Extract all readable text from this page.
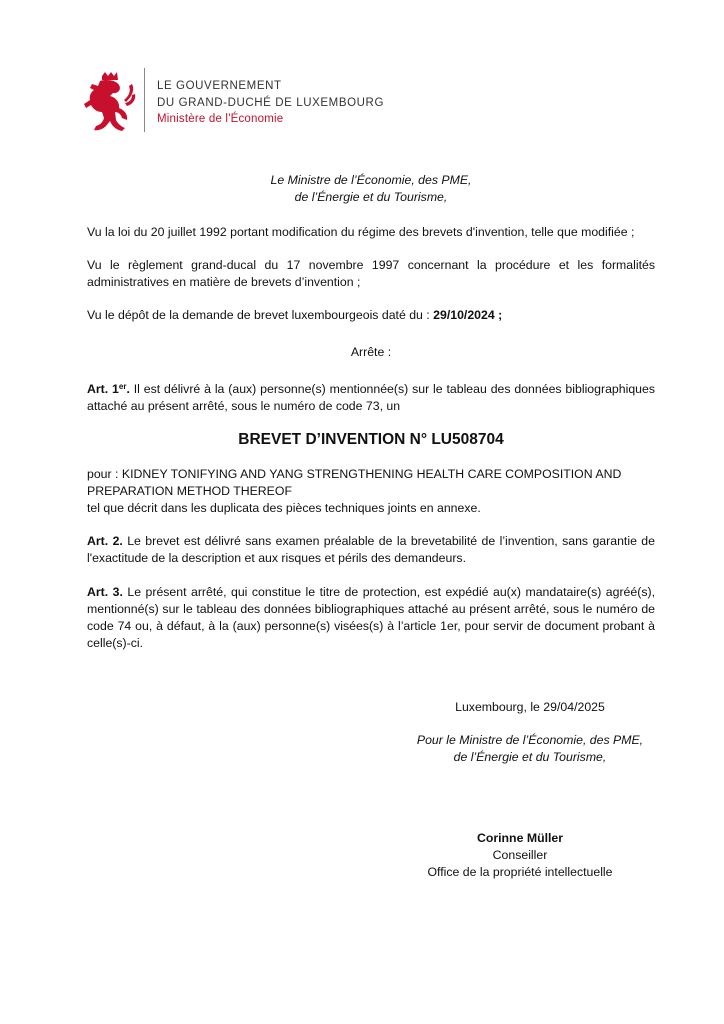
LE GOUVERNEMENT
DU GRAND-DUCHÉ DE LUXEMBOURG
Ministère de l'Économie
Le Ministre de l’Économie, des PME,
de l’Énergie et du Tourisme,
Vu la loi du 20 juillet 1992 portant modification du régime des brevets d'invention, telle que modifiée ;
Vu le règlement grand-ducal du 17 novembre 1997 concernant la procédure et les formalités administratives en matière de brevets d’invention ;
Vu le dépôt de la demande de brevet luxembourgeois daté du : 29/10/2024 ;
Arrête :
Art. 1er. Il est délivré à la (aux) personne(s) mentionnée(s) sur le tableau des données bibliographiques attaché au présent arrêté, sous le numéro de code 73, un
BREVET D’INVENTION N° LU508704
pour : KIDNEY TONIFYING AND YANG STRENGTHENING HEALTH CARE COMPOSITION AND PREPARATION METHOD THEREOF
tel que décrit dans les duplicata des pièces techniques joints en annexe.
Art. 2. Le brevet est délivré sans examen préalable de la brevetabilité de l’invention, sans garantie de l'exactitude de la description et aux risques et périls des demandeurs.
Art. 3. Le présent arrêté, qui constitue le titre de protection, est expédié au(x) mandataire(s) agréé(s), mentionné(s) sur le tableau des données bibliographiques attaché au présent arrêté, sous le numéro de code 74 ou, à défaut, à la (aux) personne(s) visées(s) à l’article 1er, pour servir de document probant à celle(s)-ci.
Luxembourg, le 29/04/2025
Pour le Ministre de l’Économie, des PME,
de l’Énergie et du Tourisme,
Corinne Müller
Conseiller
Office de la propriété intellectuelle
